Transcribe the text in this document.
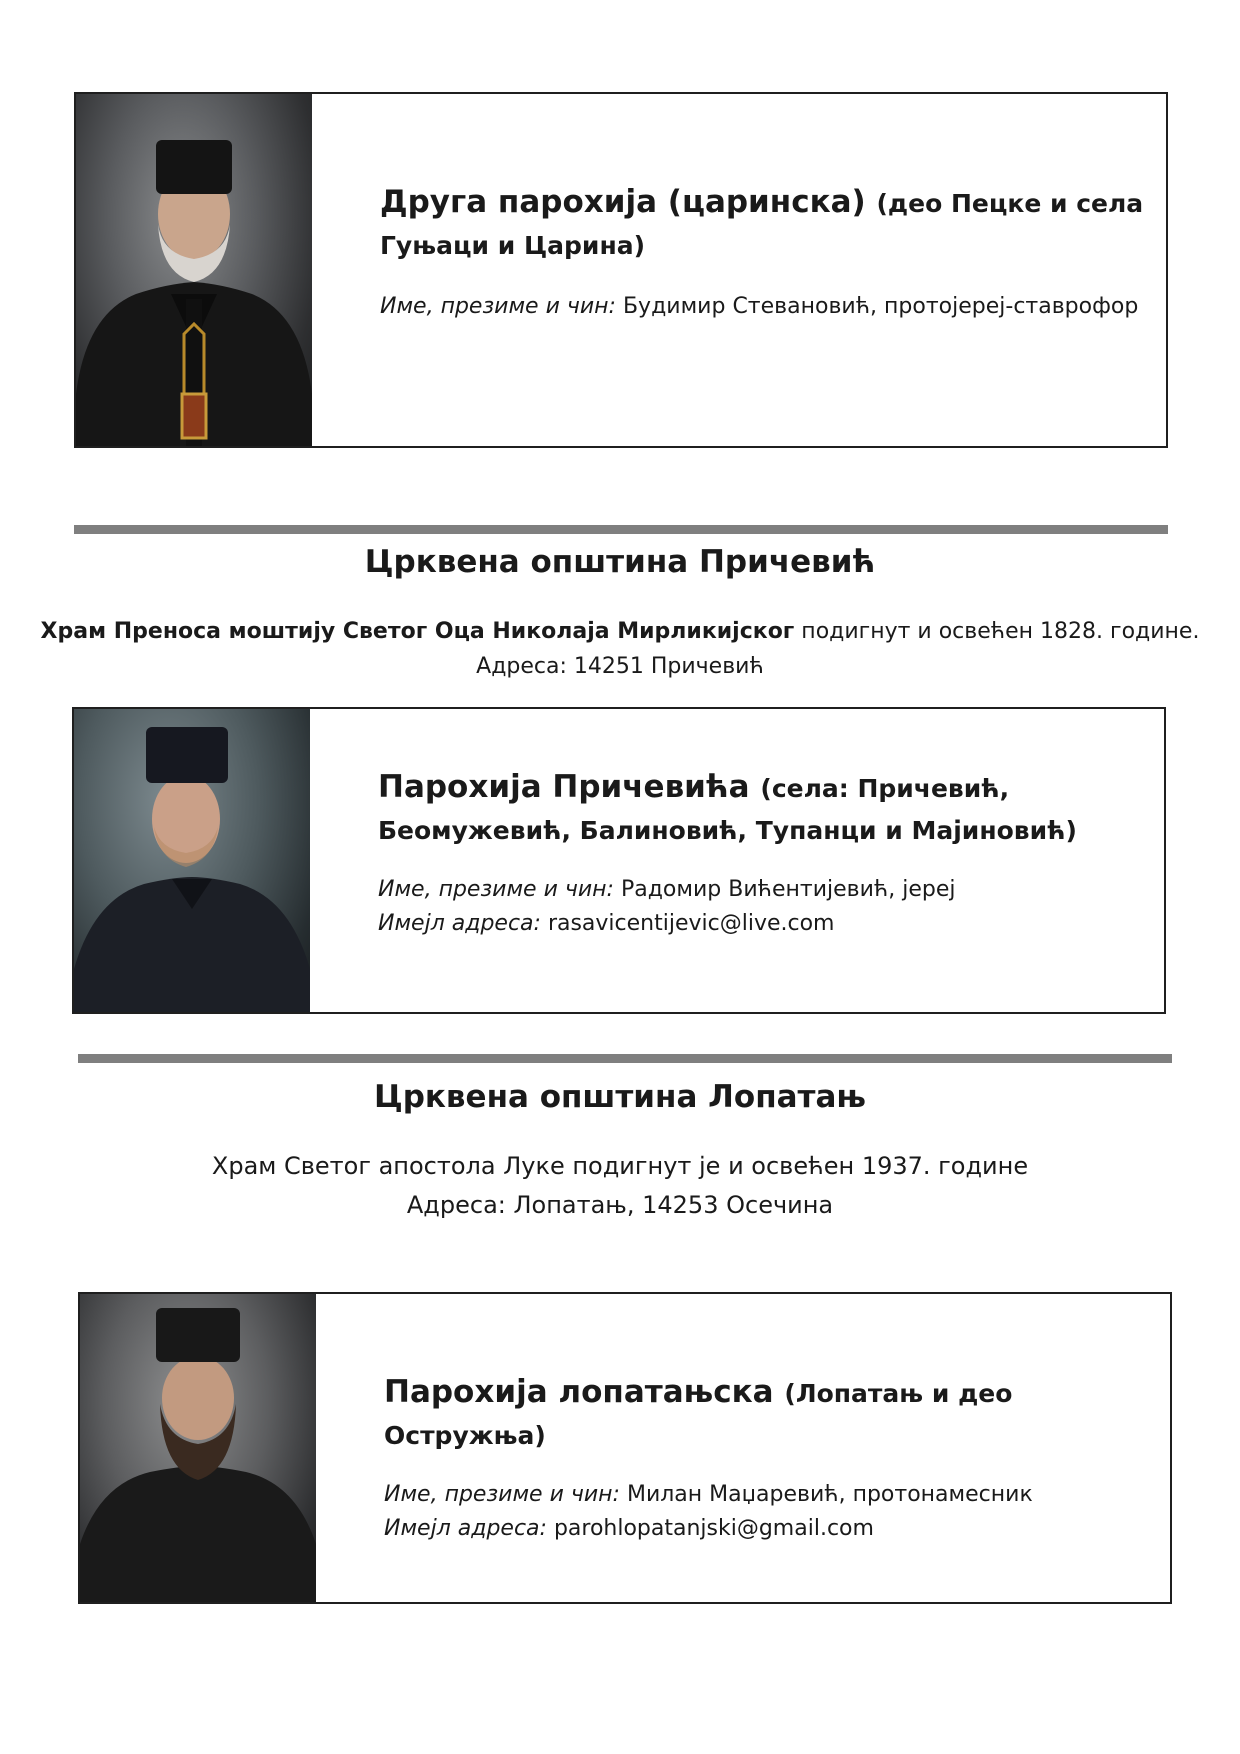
Друга парохија (царинска) (део Пецке и села Гуњаци и Царина)
Име, презиме и чин: Будимир Стевановић, протојереј-ставрофор
Црквена општина Причевић
Храм Преноса моштију Светог Оца Николаја Мирликијског подигнут и освећен 1828. године.
Адреса: 14251 Причевић
Парохија Причевића (села: Причевић, Беомужевић, Балиновић, Тупанци и Мајиновић)
Име, презиме и чин: Радомир Вићентијевић, јереј
Имејл адреса: rasavicentijevic@live.com
Црквена општина Лопатањ
Храм Светог апостола Луке подигнут је и освећен 1937. године
Адреса: Лопатањ, 14253 Осечина
Парохија лопатањска (Лопатањ и део Остружња)
Име, презиме и чин: Милан Маџаревић, протонамесник
Имејл адреса: parohlopatanjski@gmail.com
